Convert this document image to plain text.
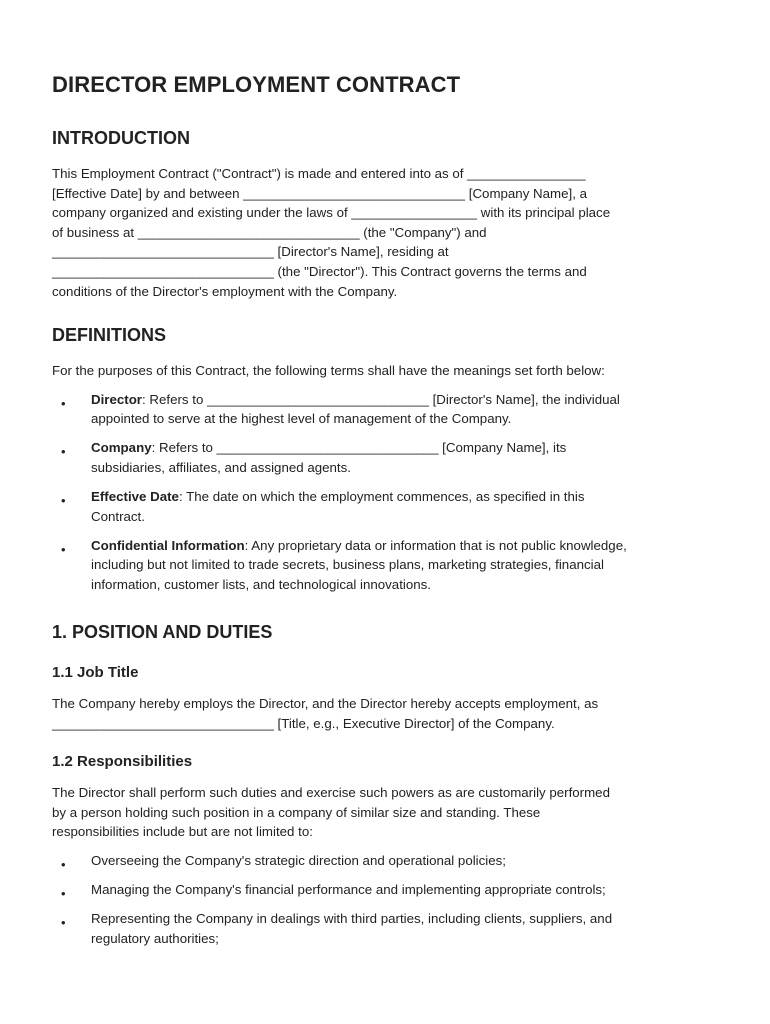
DIRECTOR EMPLOYMENT CONTRACT
INTRODUCTION
This Employment Contract ("Contract") is made and entered into as of ________________
[Effective Date] by and between ______________________________ [Company Name], a
company organized and existing under the laws of _________________ with its principal place
of business at ______________________________ (the "Company") and
______________________________ [Director's Name], residing at
______________________________ (the "Director"). This Contract governs the terms and
conditions of the Director's employment with the Company.
DEFINITIONS
For the purposes of this Contract, the following terms shall have the meanings set forth below:
• Director: Refers to ______________________________ [Director's Name], the individual
appointed to serve at the highest level of management of the Company.
• Company: Refers to ______________________________ [Company Name], its
subsidiaries, affiliates, and assigned agents.
• Effective Date: The date on which the employment commences, as specified in this
Contract.
• Confidential Information: Any proprietary data or information that is not public knowledge,
including but not limited to trade secrets, business plans, marketing strategies, financial
information, customer lists, and technological innovations.
1. POSITION AND DUTIES
1.1 Job Title
The Company hereby employs the Director, and the Director hereby accepts employment, as
______________________________ [Title, e.g., Executive Director] of the Company.
1.2 Responsibilities
The Director shall perform such duties and exercise such powers as are customarily performed
by a person holding such position in a company of similar size and standing. These
responsibilities include but are not limited to:
• Overseeing the Company's strategic direction and operational policies;
• Managing the Company's financial performance and implementing appropriate controls;
• Representing the Company in dealings with third parties, including clients, suppliers, and
regulatory authorities;
